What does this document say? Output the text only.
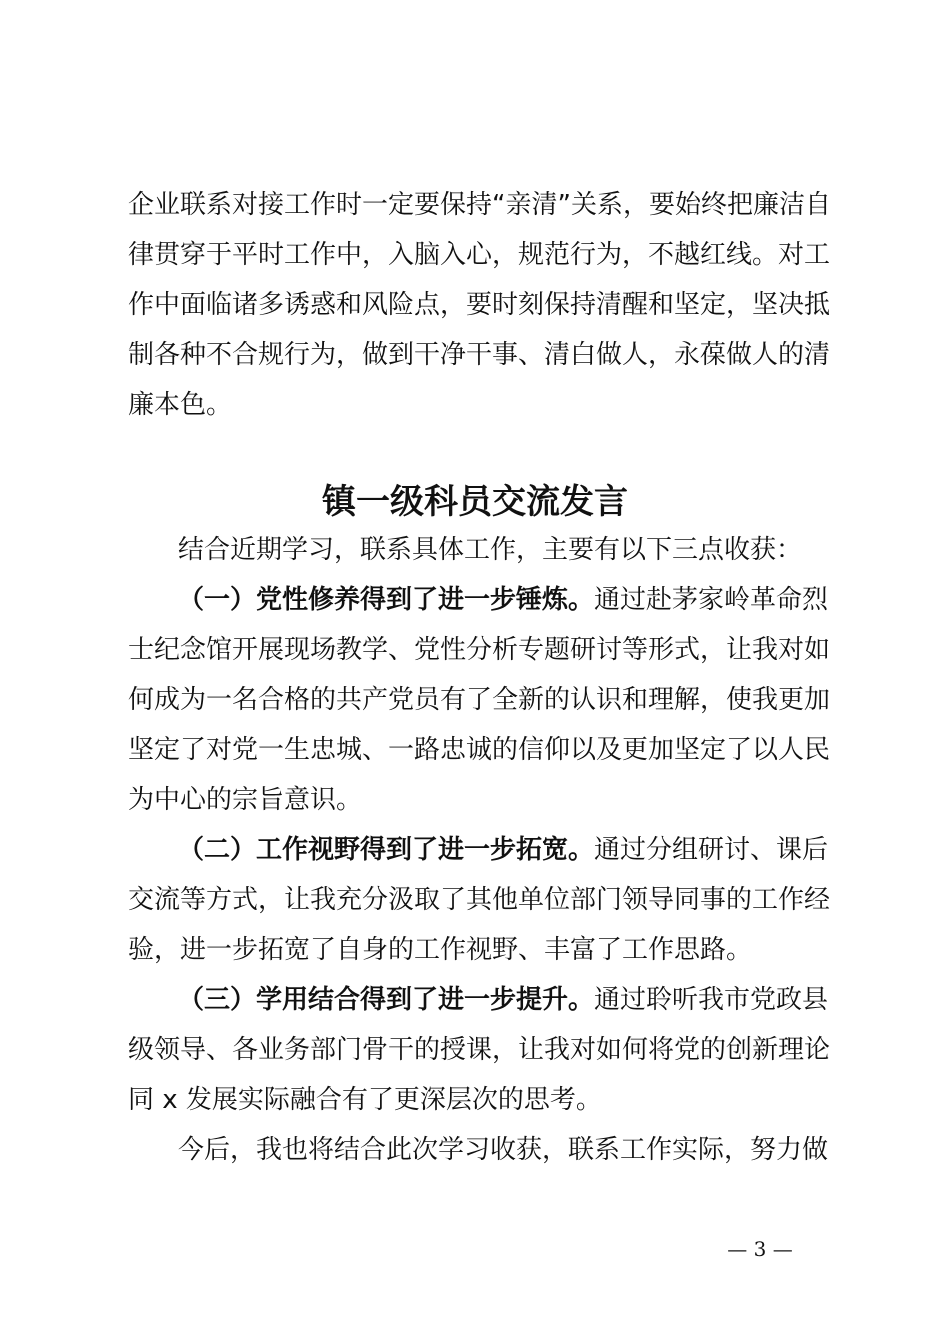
企业联系对接工作时一定要保持“亲清”关系，要始终把廉洁自
律贯穿于平时工作中，入脑入心，规范行为，不越红线。对工
作中面临诸多诱惑和风险点，要时刻保持清醒和坚定，坚决抵
制各种不合规行为，做到干净干事、清白做人，永葆做人的清
廉本色。
镇一级科员交流发言
结合近期学习，联系具体工作，主要有以下三点收获：
（一）党性修养得到了进一步锤炼。通过赴茅家岭革命烈
士纪念馆开展现场教学、党性分析专题研讨等形式，让我对如
何成为一名合格的共产党员有了全新的认识和理解，使我更加
坚定了对党一生忠城、一路忠诚的信仰以及更加坚定了以人民
为中心的宗旨意识。
（二）工作视野得到了进一步拓宽。通过分组研讨、课后
交流等方式，让我充分汲取了其他单位部门领导同事的工作经
验，进一步拓宽了自身的工作视野、丰富了工作思路。
（三）学用结合得到了进一步提升。通过聆听我市党政县
级领导、各业务部门骨干的授课，让我对如何将党的创新理论
同 x 发展实际融合有了更深层次的思考。
今后，我也将结合此次学习收获，联系工作实际，努力做
— 3 —
